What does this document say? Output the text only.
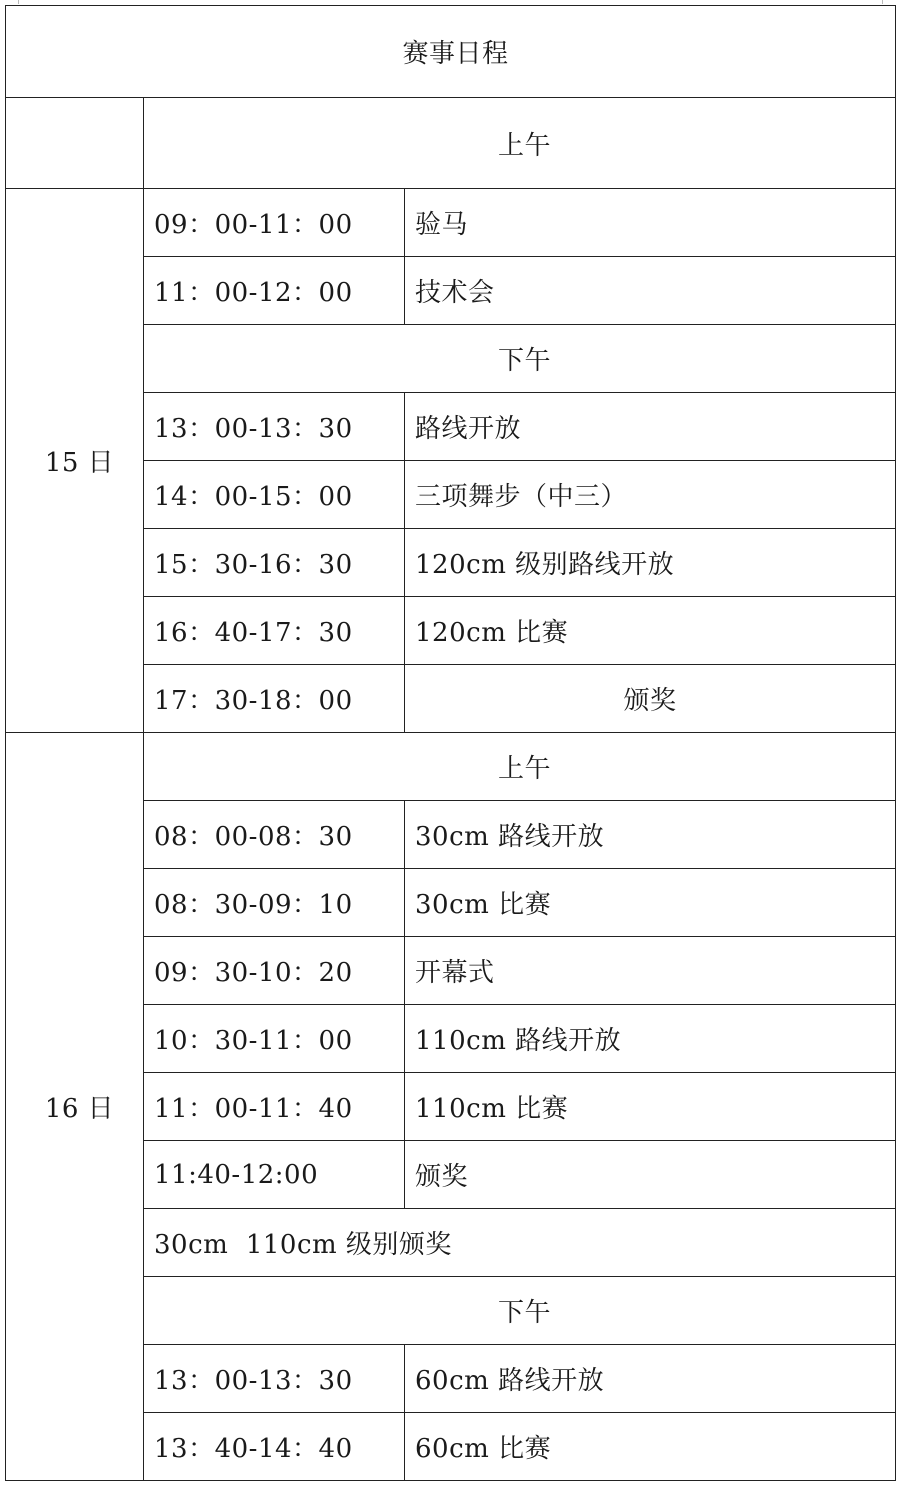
赛事日程		
	上午	
15 日	09：00-11：00	验马
	11：00-12：00	技术会
	下午	
	13：00-13：30	路线开放
	14：00-15：00	三项舞步（中三）
	15：30-16：30	120cm 级别路线开放
	16：40-17：30	120cm 比赛
	17：30-18：00	颁奖
16 日	上午	
	08：00-08：30	30cm 路线开放
	08：30-09：10	30cm 比赛
	09：30-10：20	开幕式
	10：30-11：00	110cm 路线开放
	11：00-11：40	110cm 比赛
	11:40-12:00	颁奖
	30cm  110cm 级别颁奖	
	下午	
	13：00-13：30	60cm 路线开放
	13：40-14：40	60cm 比赛
